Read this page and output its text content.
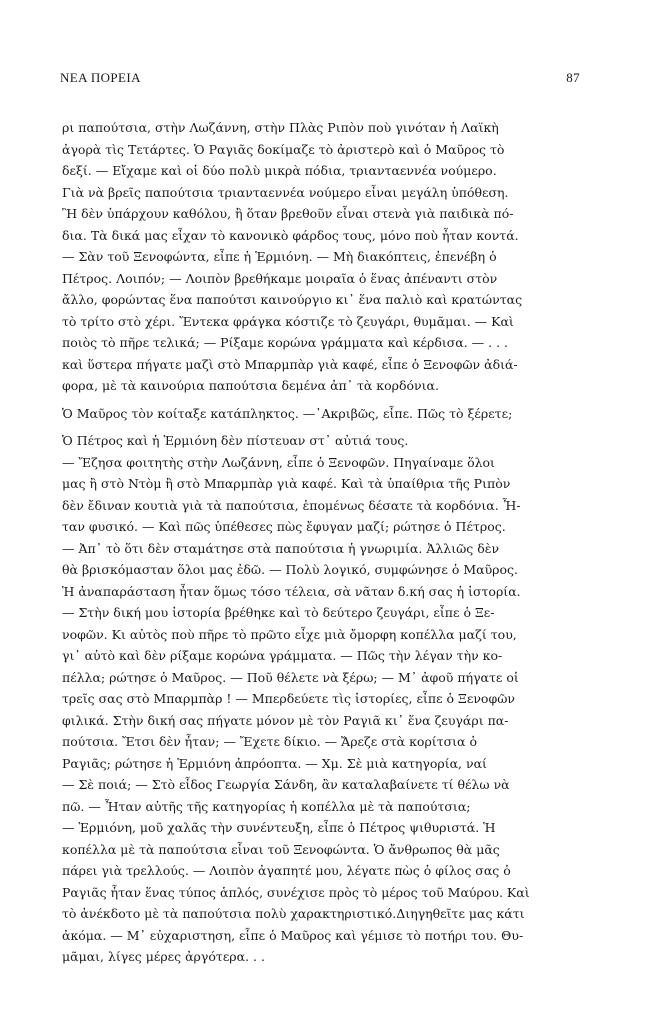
ΝΕΑ ΠΟΡΕΙΑ	87
ρι παπούτσια, στὴν Λωζάννη, στὴν Πλὰς Ριπὸν ποὺ γινόταν ἡ Λαϊκὴ
ἀγορὰ τὶς Τετάρτες. Ὁ Ραγιᾶς δοκίμαζε τὸ ἀριστερὸ καὶ ὁ Μαῦρος τὸ
δεξί. — Εἴχαμε καὶ οἱ δύο πολὺ μικρὰ πόδια, τριανταεννέα νούμερο.
Γιὰ νὰ βρεῖς παπούτσια τριανταεννέα νούμερο εἶναι μεγάλη ὑπόθεση.
Ἢ δὲν ὑπάρχουν καθόλου, ἢ ὅταν βρεθοῦν εἶναι στενὰ γιὰ παιδικὰ πό-
δια. Τὰ δικά μας εἶχαν τὸ κανονικὸ φάρδος τους, μόνο ποὺ ἦταν κοντά.
— Σὰν τοῦ Ξενοφώντα, εἶπε ἡ Ἑρμιόνη. — Μὴ διακόπτεις, ἐπενέβη ὁ
Πέτρος. Λοιπόν; — Λοιπὸν βρεθήκαμε μοιραῖα ὁ ἕνας ἀπέναντι στὸν
ἄλλο, φορώντας ἕνα παπούτσι καινούργιο κι᾽ ἕνα παλιὸ καὶ κρατώντας
τὸ τρίτο στὸ χέρι. Ἔντεκα φράγκα κόστιζε τὸ ζευγάρι, θυμᾶμαι. — Καὶ
ποιὸς τὸ πῆρε τελικά; — Ρίξαμε κορώνα γράμματα καὶ κέρδισα. — . . .
καὶ ὕστερα πήγατε μαζὶ στὸ Μπαρμπὰρ γιὰ καφέ, εἶπε ὁ Ξενοφῶν ἀδιά-
φορα, μὲ τὰ καινούρια παπούτσια δεμένα ἀπ᾽ τὰ κορδόνια.
Ὁ Μαῦρος τὸν κοίταξε κατάπληκτος. —᾽Ακριβῶς, εἶπε. Πῶς τὸ ξέρετε;
Ὁ Πέτρος καὶ ἡ Ἑρμιόνη δὲν πίστευαν στ᾽ αὐτιά τους.
— Ἔζησα φοιτητὴς στὴν Λωζάννη, εἶπε ὁ Ξενοφῶν. Πηγαίναμε ὅλοι
μας ἢ στὸ Ντὸμ ἢ στὸ Μπαρμπὰρ γιὰ καφέ. Καὶ τὰ ὑπαίθρια τῆς Ριπὸν
δὲν ἔδιναν κουτιὰ γιὰ τὰ παπούτσια, ἑπομένως δέσατε τὰ κορδόνια. Ἦ-
ταν φυσικό. — Καὶ πῶς ὑπέθεσες πὼς ἔφυγαν μαζί; ρώτησε ὁ Πέτρος.
— Ἀπ᾽ τὸ ὅτι δὲν σταμάτησε στὰ παπούτσια ἡ γνωριμία. Ἀλλιῶς δὲν
θὰ βρισκόμασταν ὅλοι μας ἐδῶ. — Πολὺ λογικό, συμφώνησε ὁ Μαῦρος.
Ἡ ἀναπαράσταση ἦταν ὅμως τόσο τέλεια, σὰ νᾶταν δ.κή σας ἡ ἱστορία.
— Στὴν δική μου ἱστορία βρέθηκε καὶ τὸ δεύτερο ζευγάρι, εἶπε ὁ Ξε-
νοφῶν. Κι αὐτὸς ποὺ πῆρε τὸ πρῶτο εἶχε μιὰ ὄμορφη κοπέλλα μαζί του,
γι᾽ αὐτὸ καὶ δὲν ρίξαμε κορώνα γράμματα. — Πῶς τὴν λέγαν τὴν κο-
πέλλα; ρώτησε ὁ Μαῦρος. — Ποῦ θέλετε νὰ ξέρω; — Μ᾽ ἀφοῦ πήγατε οἱ
τρεῖς σας στὸ Μπαρμπὰρ ! — Μπερδεύετε τὶς ἱστορίες, εἶπε ὁ Ξενοφῶν
φιλικά. Στὴν δική σας πήγατε μόνον μὲ τὸν Ραγιᾶ κι᾽ ἕνα ζευγάρι πα-
πούτσια. Ἔτσι δὲν ἦταν; — Ἔχετε δίκιο. — Ἄρεζε στὰ κορίτσια ὁ
Ραγιᾶς; ρώτησε ἡ Ἑρμιόνη ἀπρόοπτα. — Χμ. Σὲ μιὰ κατηγορία, ναί
— Σὲ ποιά; — Στὸ εἶδος Γεωργία Σάνδη, ἂν καταλαβαίνετε τί θέλω νὰ
πῶ. — Ἦταν αὐτῆς τῆς κατηγορίας ἡ κοπέλλα μὲ τὰ παπούτσια;
— Ἑρμιόνη, μοῦ χαλᾶς τὴν συνέντευξη, εἶπε ὁ Πέτρος ψιθυριστά. Ἡ
κοπέλλα μὲ τὰ παπούτσια εἶναι τοῦ Ξενοφώντα. Ὁ ἄνθρωπος θὰ μᾶς
πάρει γιὰ τρελλούς. — Λοιπὸν ἀγαπητέ μου, λέγατε πὼς ὁ φίλος σας ὁ
Ραγιᾶς ἦταν ἕνας τύπος ἁπλός, συνέχισε πρὸς τὸ μέρος τοῦ Μαύρου. Καὶ
τὸ ἀνέκδοτο μὲ τὰ παπούτσια πολὺ χαρακτηριστικό.Διηγηθεῖτε μας κάτι
ἀκόμα. — Μ᾽ εὐχαριστηση, εἶπε ὁ Μαῦρος καὶ γέμισε τὸ ποτήρι του. Θυ-
μᾶμαι, λίγες μέρες ἀργότερα. . .
